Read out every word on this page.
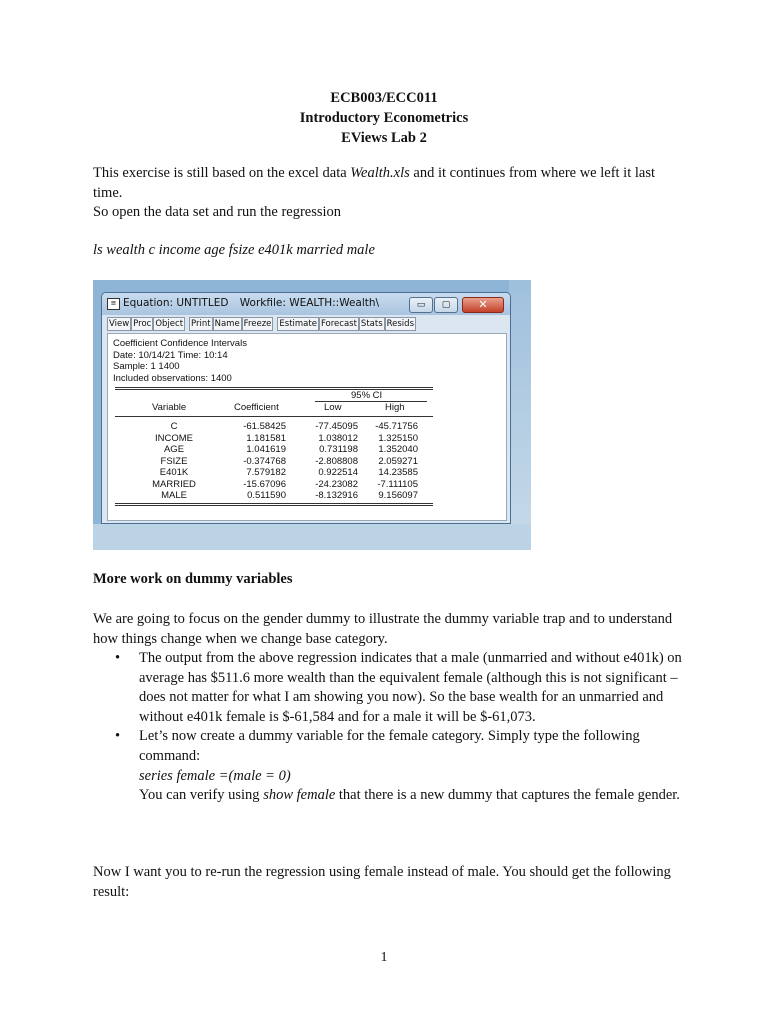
ECB003/ECC011
Introductory Econometrics
EViews Lab 2
This exercise is still based on the excel data Wealth.xls and it continues from where we left it last time.
So open the data set and run the regression
ls wealth c income age fsize e401k married male
≡ Equation: UNTITLED Workfile: WEALTH::Wealth\	▭	▢	✕
View Proc Object Print Name Freeze Estimate Forecast Stats Resids
Coefficient Confidence Intervals
Date: 10/14/21 Time: 10:14
Sample: 1 1400
Included observations: 1400
95% CI
Variable	Coefficient	Low	High
C	-61.58425	-77.45095	-45.71756
INCOME	1.181581	1.038012	1.325150
AGE	1.041619	0.731198	1.352040
FSIZE	-0.374768	-2.808808	2.059271
E401K	7.579182	0.922514	14.23585
MARRIED	-15.67096	-24.23082	-7.111105
MALE	0.511590	-8.132916	9.156097
More work on dummy variables
We are going to focus on the gender dummy to illustrate the dummy variable trap and to understand how things change when we change base category.
• The output from the above regression indicates that a male (unmarried and without e401k) on average has $511.6 more wealth than the equivalent female (although this is not significant – does not matter for what I am showing you now). So the base wealth for an unmarried and without e401k female is $-61,584 and for a male it will be $-61,073.
• Let’s now create a dummy variable for the female category. Simply type the following command:
series female =(male = 0)
You can verify using show female that there is a new dummy that captures the female gender.
Now I want you to re-run the regression using female instead of male. You should get the following result:
1
